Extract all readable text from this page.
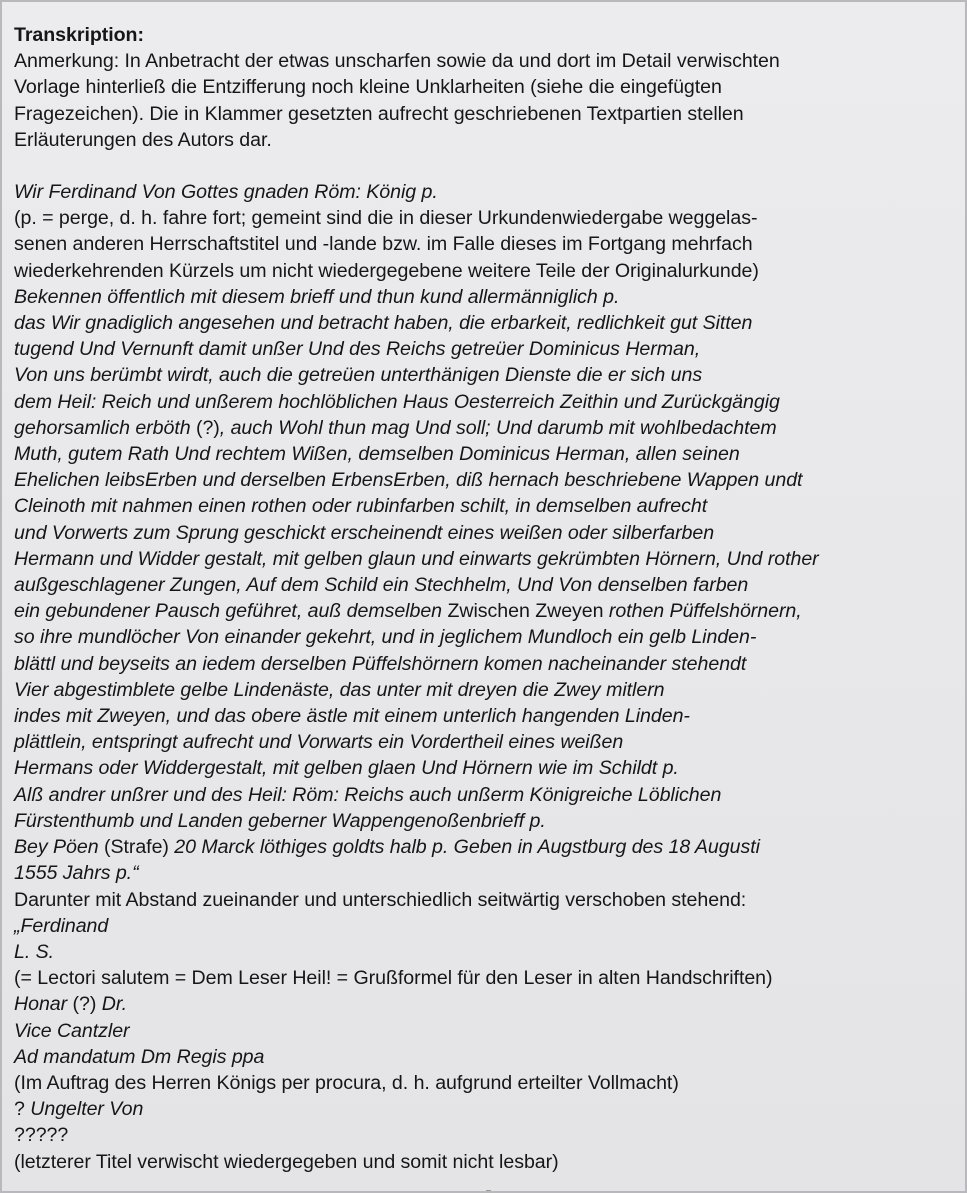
Transkription:
Anmerkung: In Anbetracht der etwas unscharfen sowie da und dort im Detail verwischten
Vorlage hinterließ die Entzifferung noch kleine Unklarheiten (siehe die eingefügten
Fragezeichen). Die in Klammer gesetzten aufrecht geschriebenen Textpartien stellen
Erläuterungen des Autors dar.
Wir Ferdinand Von Gottes gnaden Röm: König p.
(p. = perge, d. h. fahre fort; gemeint sind die in dieser Urkundenwiedergabe weggelas-
senen anderen Herrschaftstitel und -lande bzw. im Falle dieses im Fortgang mehrfach
wiederkehrenden Kürzels um nicht wiedergegebene weitere Teile der Originalurkunde)
Bekennen öffentlich mit diesem brieff und thun kund allermänniglich p.
das Wir gnadiglich angesehen und betracht haben, die erbarkeit, redlichkeit gut Sitten
tugend Und Vernunft damit unßer Und des Reichs getreüer Dominicus Herman,
Von uns berümbt wirdt, auch die getreüen unterthänigen Dienste die er sich uns
dem Heil: Reich und unßerem hochlöblichen Haus Oesterreich Zeithin und Zurückgängig
gehorsamlich erböth (?), auch Wohl thun mag Und soll; Und darumb mit wohlbedachtem
Muth, gutem Rath Und rechtem Wißen, demselben Dominicus Herman, allen seinen
Ehelichen leibsErben und derselben ErbensErben, diß hernach beschriebene Wappen undt
Cleinoth mit nahmen einen rothen oder rubinfarben schilt, in demselben aufrecht
und Vorwerts zum Sprung geschickt erscheinendt eines weißen oder silberfarben
Hermann und Widder gestalt, mit gelben glaun und einwarts gekrümbten Hörnern, Und rother
außgeschlagener Zungen, Auf dem Schild ein Stechhelm, Und Von denselben farben
ein gebundener Pausch geführet, auß demselben Zwischen Zweyen rothen Püffelshörnern,
so ihre mundlöcher Von einander gekehrt, und in jeglichem Mundloch ein gelb Linden-
blättl und beyseits an iedem derselben Püffelshörnern komen nacheinander stehendt
Vier abgestimblete gelbe Lindenäste, das unter mit dreyen die Zwey mitlern
indes mit Zweyen, und das obere ästle mit einem unterlich hangenden Linden-
plättlein, entspringt aufrecht und Vorwarts ein Vordertheil eines weißen
Hermans oder Widdergestalt, mit gelben glaen Und Hörnern wie im Schildt p.
Alß andrer unßrer und des Heil: Röm: Reichs auch unßerm Königreiche Löblichen
Fürstenthumb und Landen geberner Wappengenoßenbrieff p.
Bey Pöen (Strafe) 20 Marck löthiges goldts halb p. Geben in Augstburg des 18 Augusti
1555 Jahrs p.“
Darunter mit Abstand zueinander und unterschiedlich seitwärtig verschoben stehend:
„Ferdinand
L. S.
(= Lectori salutem = Dem Leser Heil! = Grußformel für den Leser in alten Handschriften)
Honar (?) Dr.
Vice Cantzler
Ad mandatum Dm Regis ppa
(Im Auftrag des Herren Königs per procura, d. h. aufgrund erteilter Vollmacht)
? Ungelter Von
?????
(letzterer Titel verwischt wiedergegeben und somit nicht lesbar)
